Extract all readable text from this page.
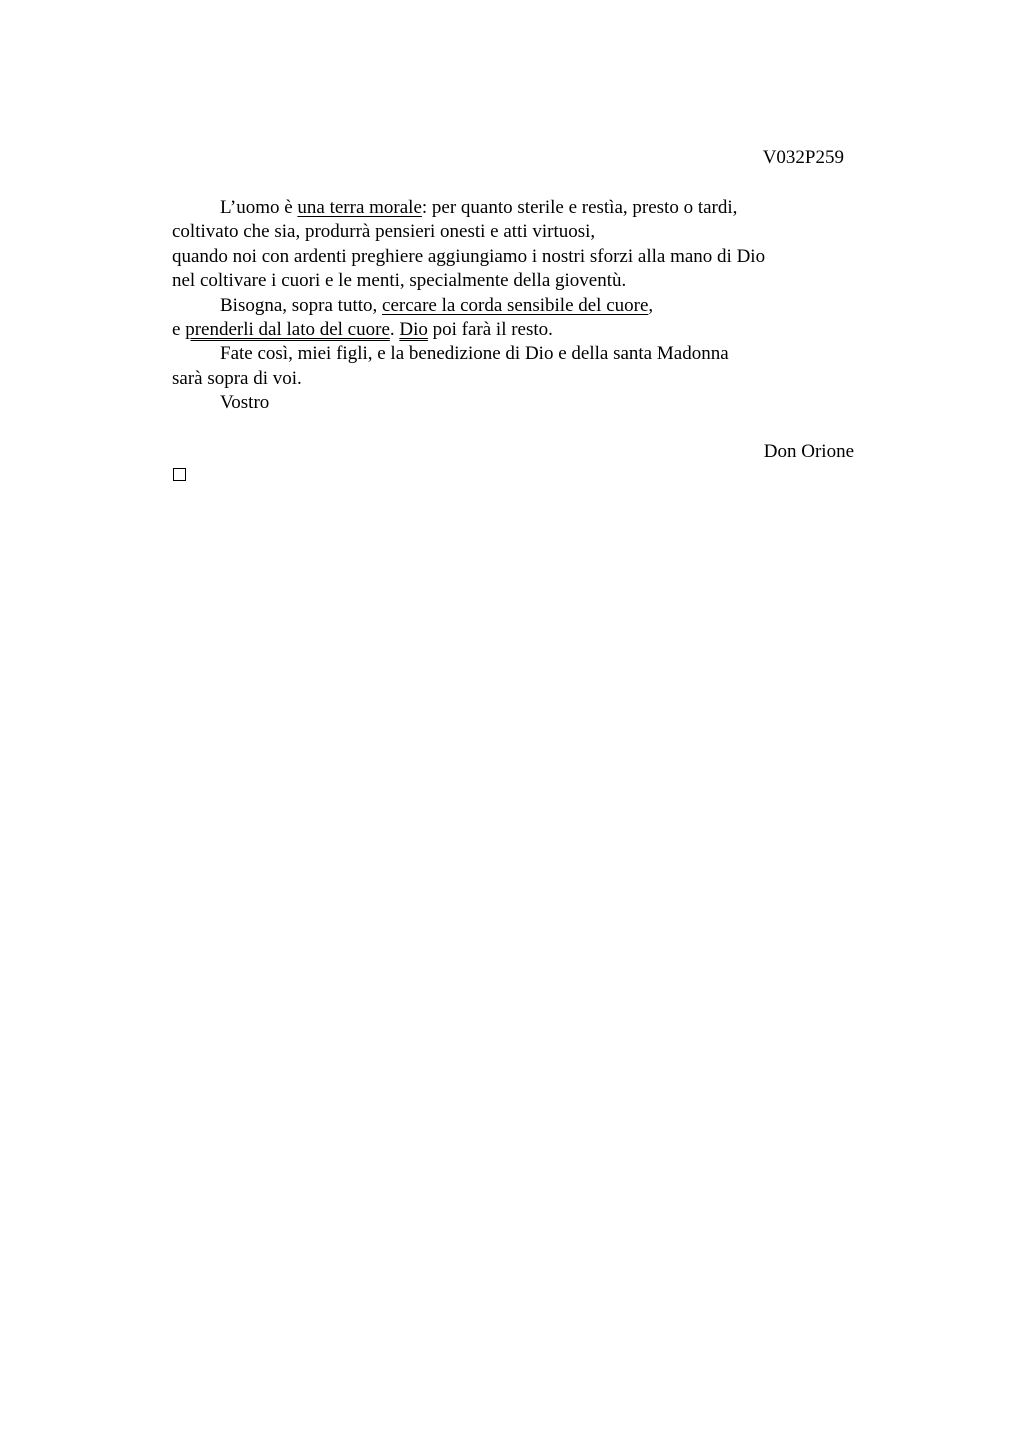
V032P259
L’uomo è una terra morale: per quanto sterile e restìa, presto o tardi,
coltivato che sia, produrrà pensieri onesti e atti virtuosi,
quando noi con ardenti preghiere aggiungiamo i nostri sforzi alla mano di Dio
nel coltivare i cuori e le menti, specialmente della gioventù.
Bisogna, sopra tutto, cercare la corda sensibile del cuore,
e prenderli dal lato del cuore. Dio poi farà il resto.
Fate così, miei figli, e la benedizione di Dio e della santa Madonna
sarà sopra di voi.
Vostro
Don Orione
